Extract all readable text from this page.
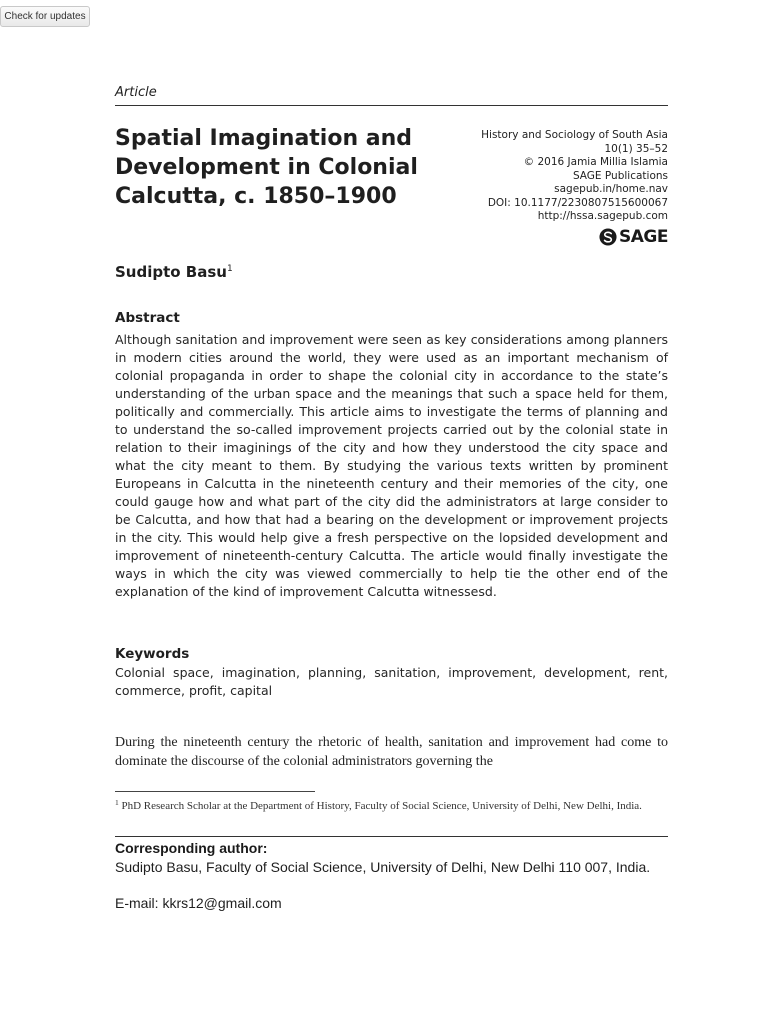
Check for updates
Article
Spatial Imagination and Development in Colonial Calcutta, c. 1850–1900
History and Sociology of South Asia
10(1) 35–52
© 2016 Jamia Millia Islamia
SAGE Publications
sagepub.in/home.nav
DOI: 10.1177/2230807515600067
http://hssa.sagepub.com
SAGE
Sudipto Basu$^1$
Abstract

Although sanitation and improvement were seen as key considerations among planners in modern cities around the world, they were used as an important mechanism of colonial propaganda in order to shape the colonial city in accordance to the state’s understanding of the urban space and the meanings that such a space held for them, politically and commercially. This article aims to investigate the terms of planning and to understand the so-called improvement projects carried out by the colonial state in relation to their imaginings of the city and how they understood the city space and what the city meant to them. By studying the various texts written by prominent Europeans in Calcutta in the nineteenth century and their memories of the city, one could gauge how and what part of the city did the administrators at large consider to be Calcutta, and how that had a bearing on the development or improvement projects in the city. This would help give a fresh perspective on the lopsided development and improvement of nineteenth-century Calcutta. The article would finally investigate the ways in which the city was viewed commercially to help tie the other end of the explanation of the kind of improvement Calcutta witnessesd.

Keywords

Colonial space, imagination, planning, sanitation, improvement, development, rent, commerce, profit, capital

During the nineteenth century the rhetoric of health, sanitation and improvement had come to dominate the discourse of the colonial administrators governing the

$^1$ PhD Research Scholar at the Department of History, Faculty of Social Science, University of Delhi, New Delhi, India.

Corresponding author:

Sudipto Basu, Faculty of Social Science, University of Delhi, New Delhi 110 007, India.

E-mail: kkrs12@gmail.com
